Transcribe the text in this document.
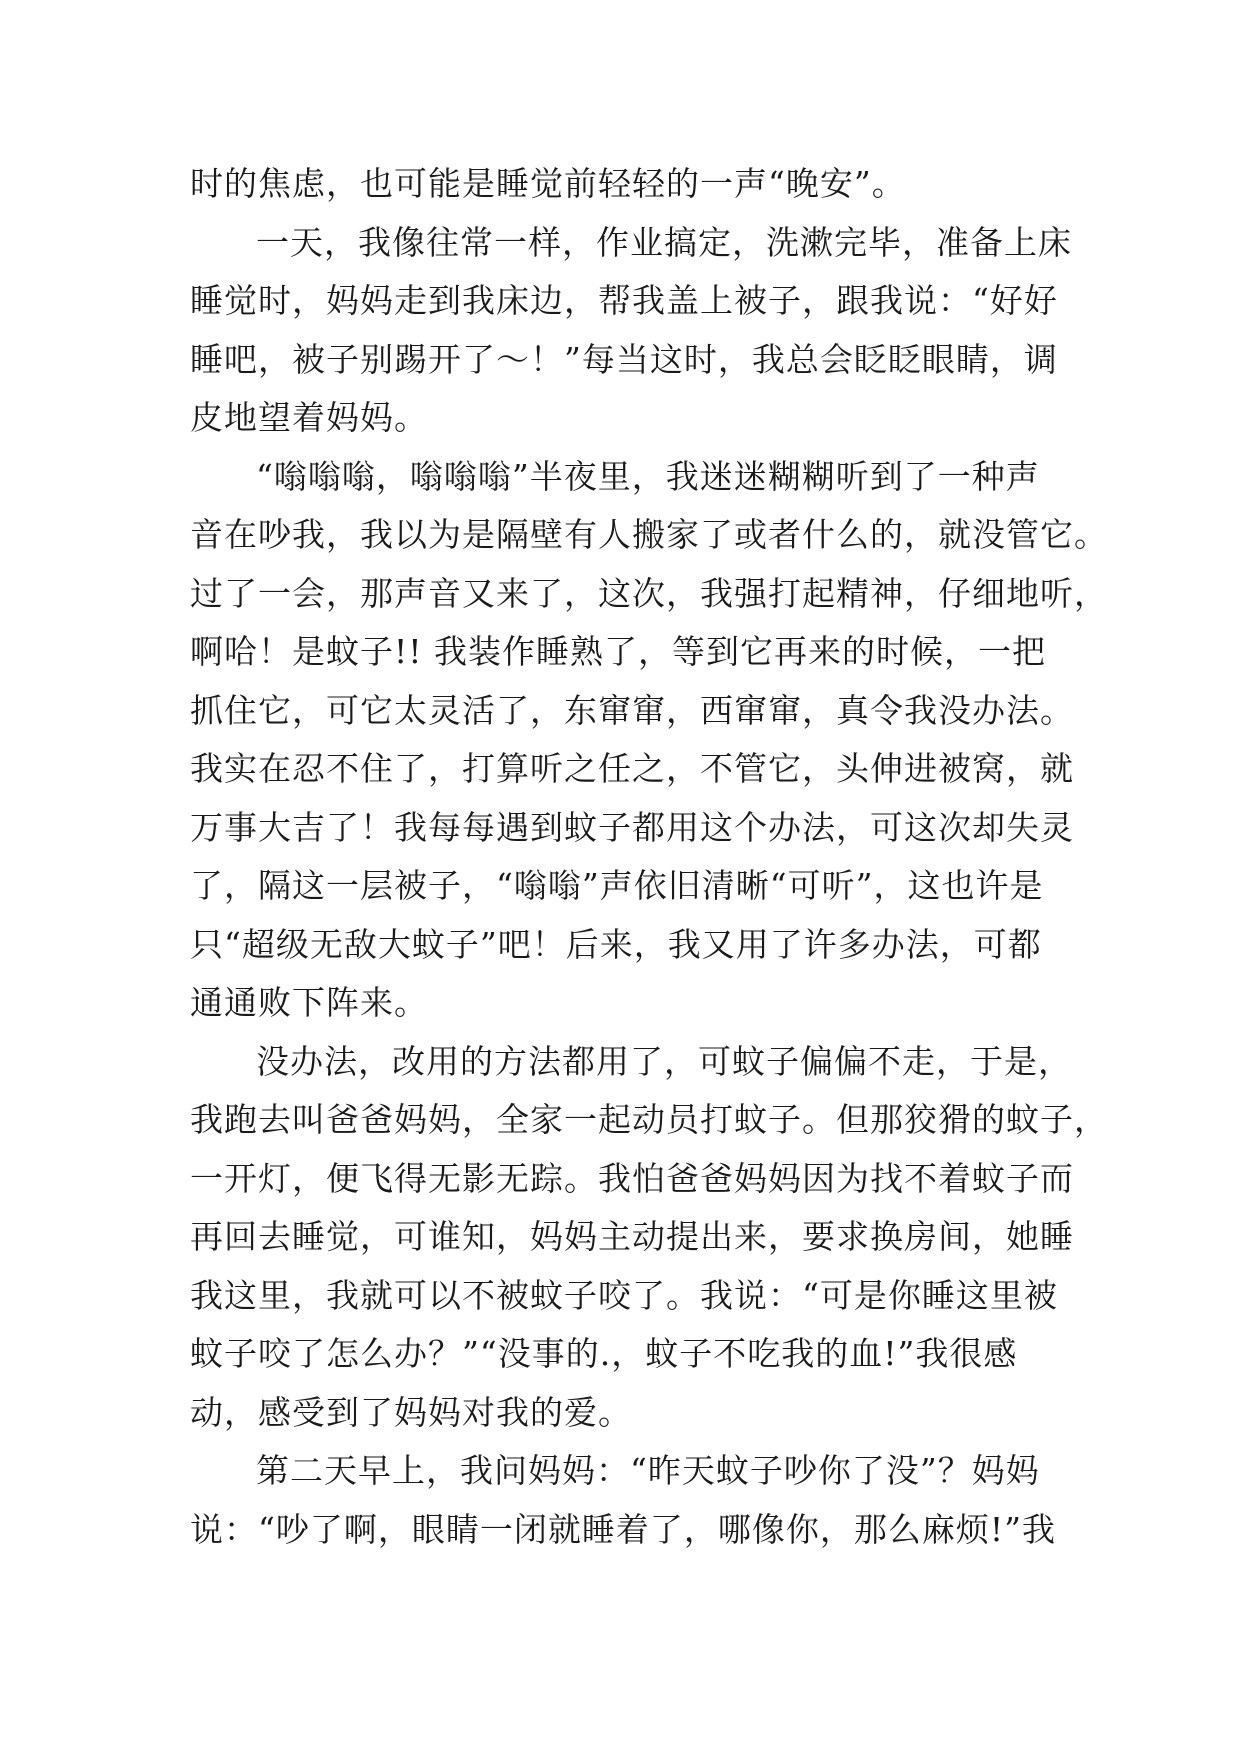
时的焦虑，也可能是睡觉前轻轻的一声“晚安”。
一天，我像往常一样，作业搞定，洗漱完毕，准备上床
睡觉时，妈妈走到我床边，帮我盖上被子，跟我说：“好好
睡吧，被子别踢开了～！”每当这时，我总会眨眨眼睛，调
皮地望着妈妈。
“嗡嗡嗡，嗡嗡嗡”半夜里，我迷迷糊糊听到了一种声
音在吵我，我以为是隔壁有人搬家了或者什么的，就没管它。
过了一会，那声音又来了，这次，我强打起精神，仔细地听，
啊哈！是蚊子!! 我装作睡熟了，等到它再来的时候，一把
抓住它，可它太灵活了，东窜窜，西窜窜，真令我没办法。
我实在忍不住了，打算听之任之，不管它，头伸进被窝，就
万事大吉了！我每每遇到蚊子都用这个办法，可这次却失灵
了，隔这一层被子，“嗡嗡”声依旧清晰“可听”，这也许是
只“超级无敌大蚊子”吧！后来，我又用了许多办法，可都
通通败下阵来。
没办法，改用的方法都用了，可蚊子偏偏不走，于是，
我跑去叫爸爸妈妈，全家一起动员打蚊子。但那狡猾的蚊子，
一开灯，便飞得无影无踪。我怕爸爸妈妈因为找不着蚊子而
再回去睡觉，可谁知，妈妈主动提出来，要求换房间，她睡
我这里，我就可以不被蚊子咬了。我说：“可是你睡这里被
蚊子咬了怎么办？”“没事的.，蚊子不吃我的血!”我很感
动，感受到了妈妈对我的爱。
第二天早上，我问妈妈：“昨天蚊子吵你了没”？妈妈
说：“吵了啊，眼睛一闭就睡着了，哪像你，那么麻烦!”我
